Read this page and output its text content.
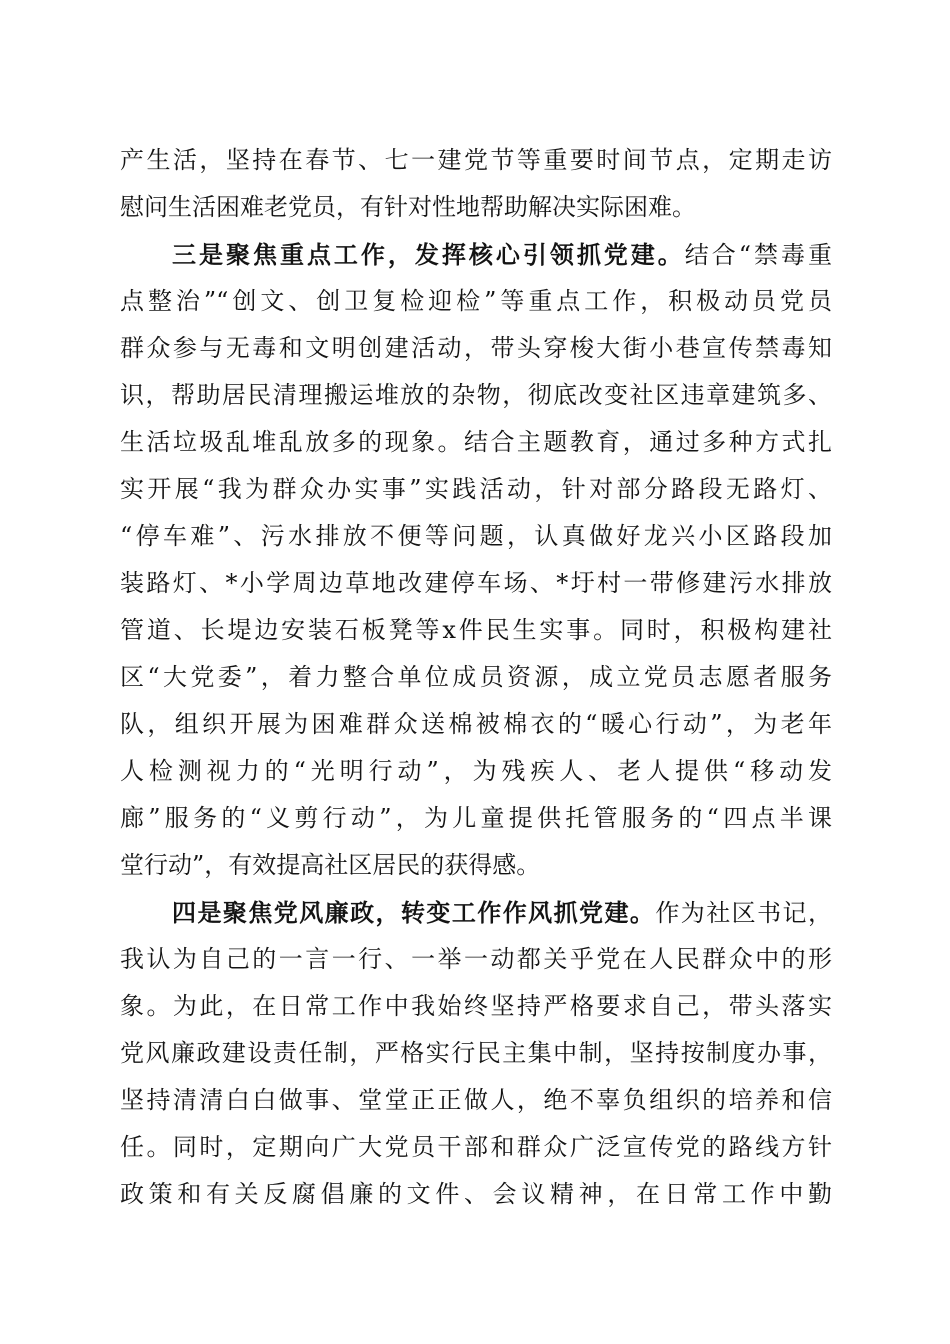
产生活，坚持在春节、七一建党节等重要时间节点，定期走访
慰问生活困难老党员，有针对性地帮助解决实际困难。
三是聚焦重点工作，发挥核心引领抓党建。结合“禁毒重
点整治”“创文、创卫复检迎检”等重点工作，积极动员党员
群众参与无毒和文明创建活动，带头穿梭大街小巷宣传禁毒知
识，帮助居民清理搬运堆放的杂物，彻底改变社区违章建筑多、
生活垃圾乱堆乱放多的现象。结合主题教育，通过多种方式扎
实开展“我为群众办实事”实践活动，针对部分路段无路灯、
“停车难”、污水排放不便等问题，认真做好龙兴小区路段加
装路灯、*小学周边草地改建停车场、*圩村一带修建污水排放
管道、长堤边安装石板凳等x件民生实事。同时，积极构建社
区“大党委”，着力整合单位成员资源，成立党员志愿者服务
队，组织开展为困难群众送棉被棉衣的“暖心行动”，为老年
人检测视力的“光明行动”，为残疾人、老人提供“移动发
廊”服务的“义剪行动”，为儿童提供托管服务的“四点半课
堂行动”，有效提高社区居民的获得感。
四是聚焦党风廉政，转变工作作风抓党建。作为社区书记，
我认为自己的一言一行、一举一动都关乎党在人民群众中的形
象。为此，在日常工作中我始终坚持严格要求自己，带头落实
党风廉政建设责任制，严格实行民主集中制，坚持按制度办事，
坚持清清白白做事、堂堂正正做人，绝不辜负组织的培养和信
任。同时，定期向广大党员干部和群众广泛宣传党的路线方针
政策和有关反腐倡廉的文件、会议精神，在日常工作中勤
